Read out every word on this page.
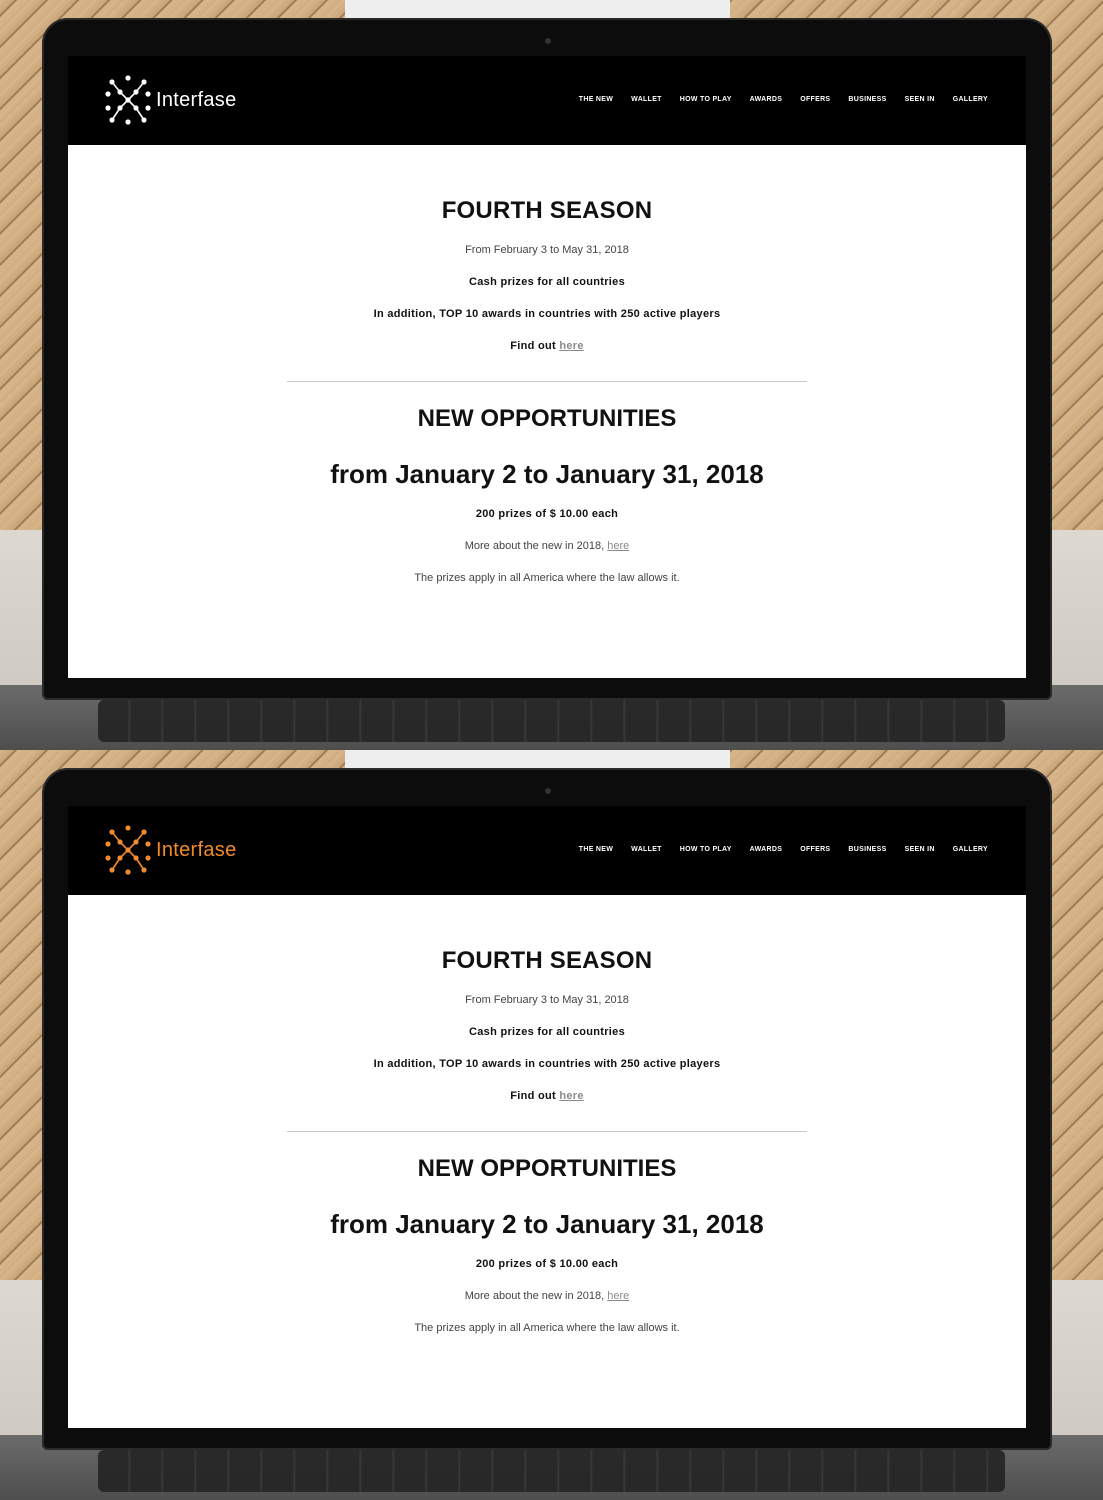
Interfase	THE NEW	WALLET	HOW TO PLAY	AWARDS	OFFERS	BUSINESS	SEEN IN	GALLERY
FOURTH SEASON
From February 3 to May 31, 2018
Cash prizes for all countries
In addition, TOP 10 awards in countries with 250 active players
Find out here
NEW OPPORTUNITIES
from January 2 to January 31, 2018
200 prizes of $ 10.00 each
More about the new in 2018, here
The prizes apply in all America where the law allows it.
Interfase	THE NEW	WALLET	HOW TO PLAY	AWARDS	OFFERS	BUSINESS	SEEN IN	GALLERY
FOURTH SEASON
From February 3 to May 31, 2018
Cash prizes for all countries
In addition, TOP 10 awards in countries with 250 active players
Find out here
NEW OPPORTUNITIES
from January 2 to January 31, 2018
200 prizes of $ 10.00 each
More about the new in 2018, here
The prizes apply in all America where the law allows it.
